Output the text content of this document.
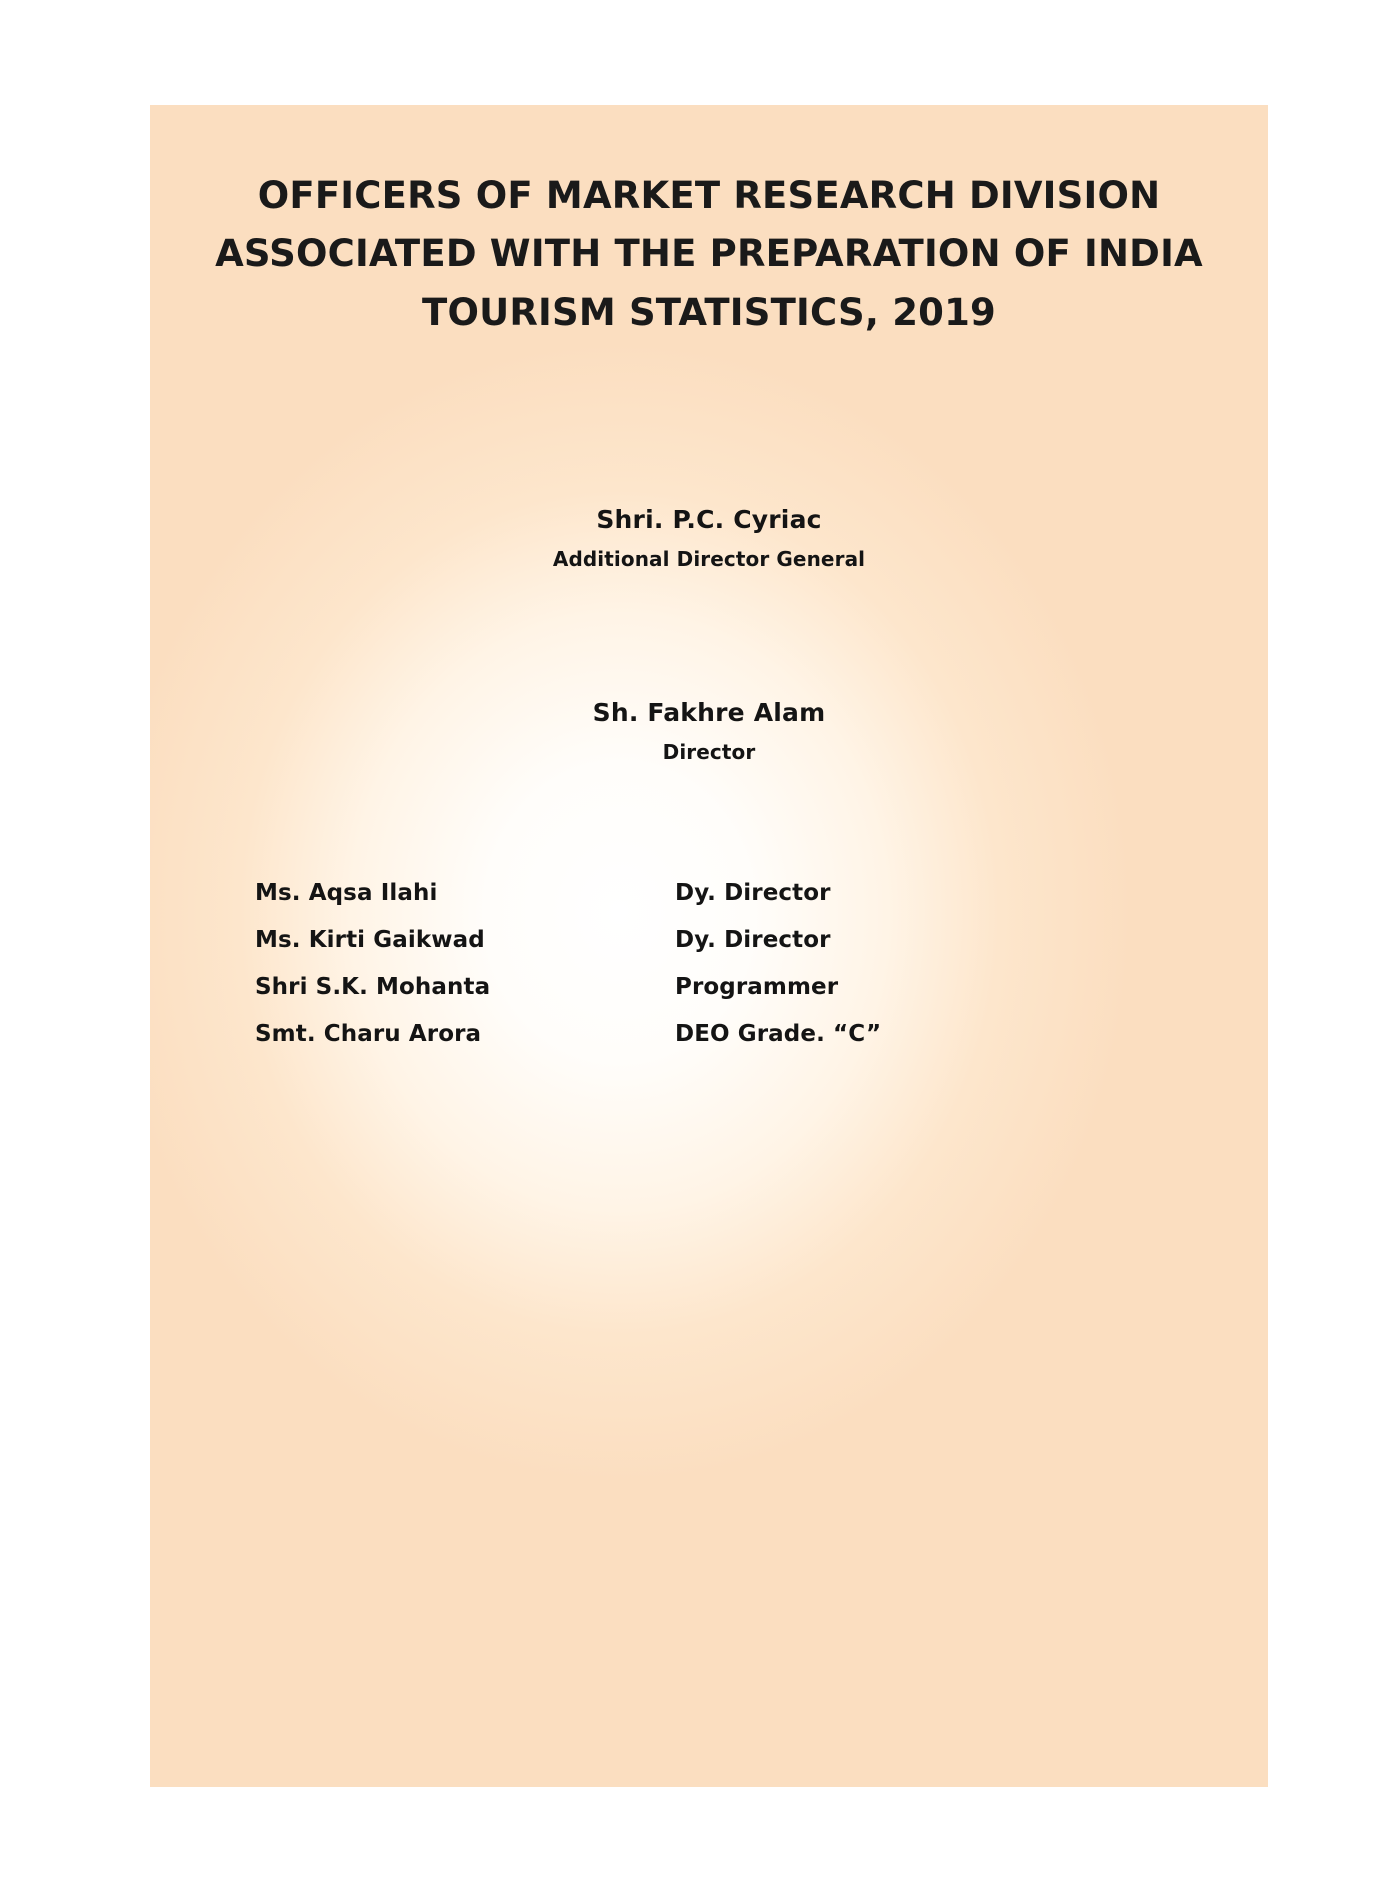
OFFICERS OF MARKET RESEARCH DIVISION
ASSOCIATED WITH THE PREPARATION OF INDIA
TOURISM STATISTICS, 2019
Shri. P.C. Cyriac
Additional Director General
Sh. Fakhre Alam
Director
Ms. Aqsa Ilahi	Dy. Director
Ms. Kirti Gaikwad	Dy. Director
Shri S.K. Mohanta	Programmer
Smt. Charu Arora	DEO Grade. “C”
